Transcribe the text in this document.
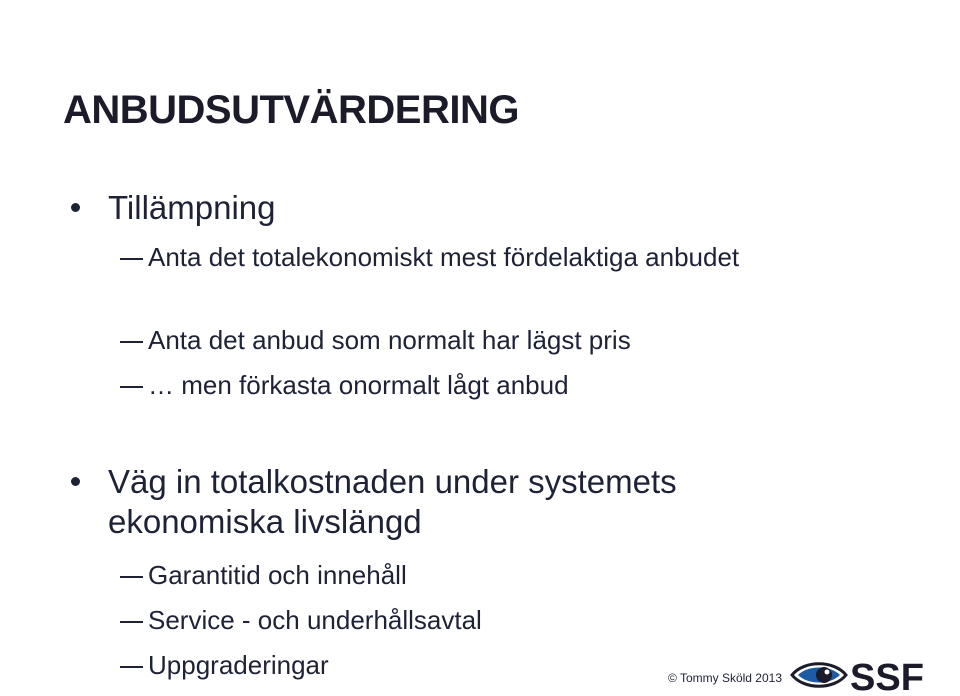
ANBUDSUTVÄRDERING
Tillämpning
Anta det totalekonomiskt mest fördelaktiga anbudet
Anta det anbud som normalt har lägst pris
… men förkasta onormalt lågt anbud
Väg in totalkostnaden under systemets ekonomiska livslängd
Garantitid och innehåll
Service - och underhållsavtal
Uppgraderingar	© Tommy Sköld 2013 SSF
